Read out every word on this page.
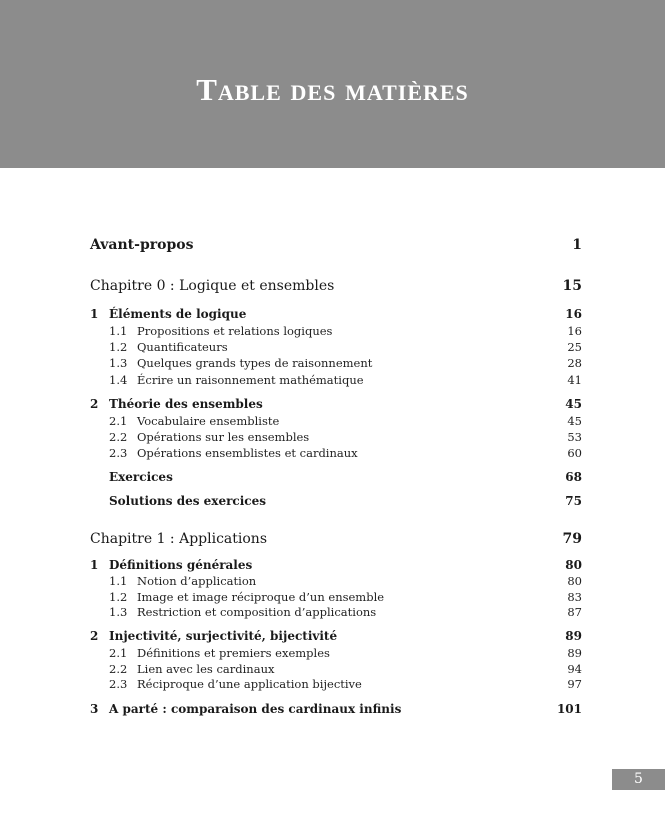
Table des matières
Avant-propos	1
Chapitre 0 : Logique et ensembles	15
1 Éléments de logique	16
1.1 Propositions et relations logiques	16
1.2 Quantificateurs	25
1.3 Quelques grands types de raisonnement	28
1.4 Écrire un raisonnement mathématique	41
2 Théorie des ensembles	45
2.1 Vocabulaire ensembliste	45
2.2 Opérations sur les ensembles	53
2.3 Opérations ensemblistes et cardinaux	60
Exercices	68
Solutions des exercices	75
Chapitre 1 : Applications	79
1 Définitions générales	80
1.1 Notion d’application	80
1.2 Image et image réciproque d’un ensemble	83
1.3 Restriction et composition d’applications	87
2 Injectivité, surjectivité, bijectivité	89
2.1 Définitions et premiers exemples	89
2.2 Lien avec les cardinaux	94
2.3 Réciproque d’une application bijective	97
3 A parté : comparaison des cardinaux infinis	101
5
